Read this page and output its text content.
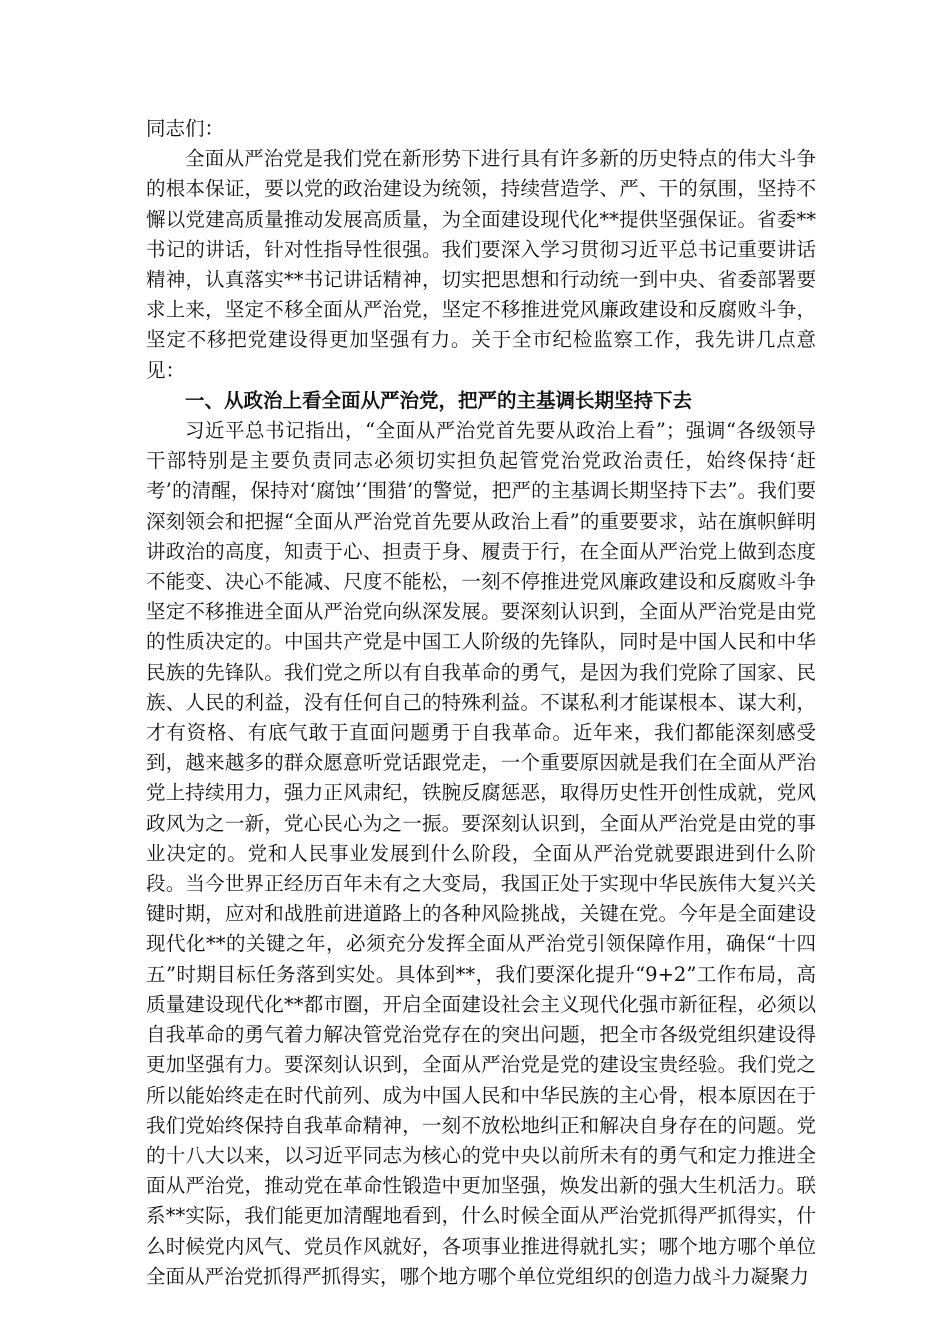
同志们：

全面从严治党是我们党在新形势下进行具有许多新的历史特点的伟大斗争的根本保证，要以党的政治建设为统领，持续营造学、严、干的氛围，坚持不懈以党建高质量推动发展高质量，为全面建设现代化**提供坚强保证。省委**书记的讲话，针对性指导性很强。我们要深入学习贯彻习近平总书记重要讲话精神，认真落实**书记讲话精神，切实把思想和行动统一到中央、省委部署要求上来，坚定不移全面从严治党，坚定不移推进党风廉政建设和反腐败斗争，坚定不移把党建设得更加坚强有力。关于全市纪检监察工作，我先讲几点意见：

一、从政治上看全面从严治党，把严的主基调长期坚持下去

习近平总书记指出，“全面从严治党首先要从政治上看”；强调“各级领导干部特别是主要负责同志必须切实担负起管党治党政治责任，始终保持‘赶考’的清醒，保持对‘腐蚀’‘围猎’的警觉，把严的主基调长期坚持下去”。我们要深刻领会和把握“全面从严治党首先要从政治上看”的重要要求，站在旗帜鲜明讲政治的高度，知责于心、担责于身、履责于行，在全面从严治党上做到态度不能变、决心不能减、尺度不能松，一刻不停推进党风廉政建设和反腐败斗争坚定不移推进全面从严治党向纵深发展。要深刻认识到，全面从严治党是由党的性质决定的。中国共产党是中国工人阶级的先锋队，同时是中国人民和中华民族的先锋队。我们党之所以有自我革命的勇气，是因为我们党除了国家、民族、人民的利益，没有任何自己的特殊利益。不谋私利才能谋根本、谋大利，才有资格、有底气敢于直面问题勇于自我革命。近年来，我们都能深刻感受到，越来越多的群众愿意听党话跟党走，一个重要原因就是我们在全面从严治党上持续用力，强力正风肃纪，铁腕反腐惩恶，取得历史性开创性成就，党风政风为之一新，党心民心为之一振。要深刻认识到，全面从严治党是由党的事业决定的。党和人民事业发展到什么阶段，全面从严治党就要跟进到什么阶段。当今世界正经历百年未有之大变局，我国正处于实现中华民族伟大复兴关键时期，应对和战胜前进道路上的各种风险挑战，关键在党。今年是全面建设现代化**的关键之年，必须充分发挥全面从严治党引领保障作用，确保“十四五”时期目标任务落到实处。具体到**，我们要深化提升“9+2”工作布局，高质量建设现代化**都市圈，开启全面建设社会主义现代化强市新征程，必须以自我革命的勇气着力解决管党治党存在的突出问题，把全市各级党组织建设得更加坚强有力。要深刻认识到，全面从严治党是党的建设宝贵经验。我们党之所以能始终走在时代前列、成为中国人民和中华民族的主心骨，根本原因在于我们党始终保持自我革命精神，一刻不放松地纠正和解决自身存在的问题。党的十八大以来，以习近平同志为核心的党中央以前所未有的勇气和定力推进全面从严治党，推动党在革命性锻造中更加坚强，焕发出新的强大生机活力。联系**实际，我们能更加清醒地看到，什么时候全面从严治党抓得严抓得实，什么时候党内风气、党员作风就好，各项事业推进得就扎实；哪个地方哪个单位全面从严治党抓得严抓得实，哪个地方哪个单位党组织的创造力战斗力凝聚力
